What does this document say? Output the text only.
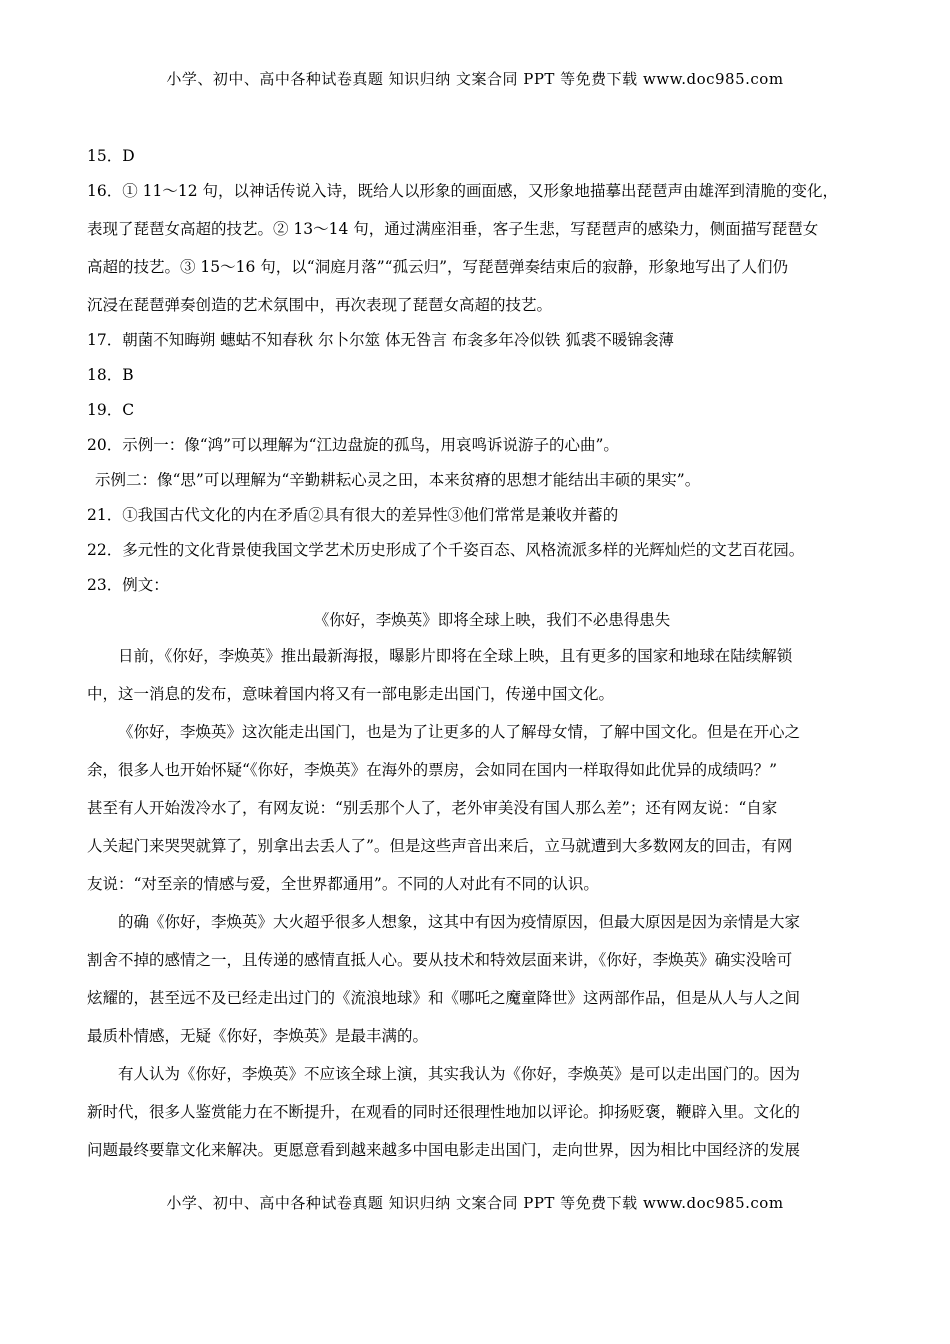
小学、初中、高中各种试卷真题 知识归纳 文案合同 PPT 等免费下载 www.doc985.com
15．D
16．① 11～12 句，以神话传说入诗，既给人以形象的画面感，又形象地描摹出琵琶声由雄浑到清脆的变化，
表现了琵琶女高超的技艺。② 13～14 句，通过满座泪垂，客子生悲，写琵琶声的感染力，侧面描写琵琶女
高超的技艺。③ 15～16 句，以“洞庭月落”“孤云归”，写琵琶弹奏结束后的寂静，形象地写出了人们仍
沉浸在琵琶弹奏创造的艺术氛围中，再次表现了琵琶女高超的技艺。
17．朝菌不知晦朔 蟪蛄不知春秋 尔卜尔筮 体无咎言 布衾多年冷似铁 狐裘不暖锦衾薄
18．B
19．C
20．示例一：像“鸿”可以理解为“江边盘旋的孤鸟，用哀鸣诉说游子的心曲”。
示例二：像“思”可以理解为“辛勤耕耘心灵之田，本来贫瘠的思想才能结出丰硕的果实”。
21．①我国古代文化的内在矛盾②具有很大的差异性③他们常常是兼收并蓄的
22．多元性的文化背景使我国文学艺术历史形成了个千姿百态、风格流派多样的光辉灿烂的文艺百花园。
23．例文：
《你好，李焕英》即将全球上映，我们不必患得患失
日前，《你好，李焕英》推出最新海报，曝影片即将在全球上映，且有更多的国家和地球在陆续解锁
中，这一消息的发布，意味着国内将又有一部电影走出国门，传递中国文化。
《你好，李焕英》这次能走出国门，也是为了让更多的人了解母女情，了解中国文化。但是在开心之
余，很多人也开始怀疑“《你好，李焕英》在海外的票房，会如同在国内一样取得如此优异的成绩吗？”
甚至有人开始泼冷水了，有网友说：“别丢那个人了，老外审美没有国人那么差”；还有网友说：“自家
人关起门来哭哭就算了，别拿出去丢人了”。但是这些声音出来后，立马就遭到大多数网友的回击，有网
友说：“对至亲的情感与爱，全世界都通用”。不同的人对此有不同的认识。
的确《你好，李焕英》大火超乎很多人想象，这其中有因为疫情原因，但最大原因是因为亲情是大家
割舍不掉的感情之一，且传递的感情直抵人心。要从技术和特效层面来讲，《你好，李焕英》确实没啥可
炫耀的，甚至远不及已经走出过门的《流浪地球》和《哪吒之魔童降世》这两部作品，但是从人与人之间
最质朴情感，无疑《你好，李焕英》是最丰满的。
有人认为《你好，李焕英》不应该全球上演，其实我认为《你好，李焕英》是可以走出国门的。因为
新时代，很多人鉴赏能力在不断提升，在观看的同时还很理性地加以评论。抑扬贬褒，鞭辟入里。文化的
问题最终要靠文化来解决。更愿意看到越来越多中国电影走出国门，走向世界，因为相比中国经济的发展
小学、初中、高中各种试卷真题 知识归纳 文案合同 PPT 等免费下载 www.doc985.com
